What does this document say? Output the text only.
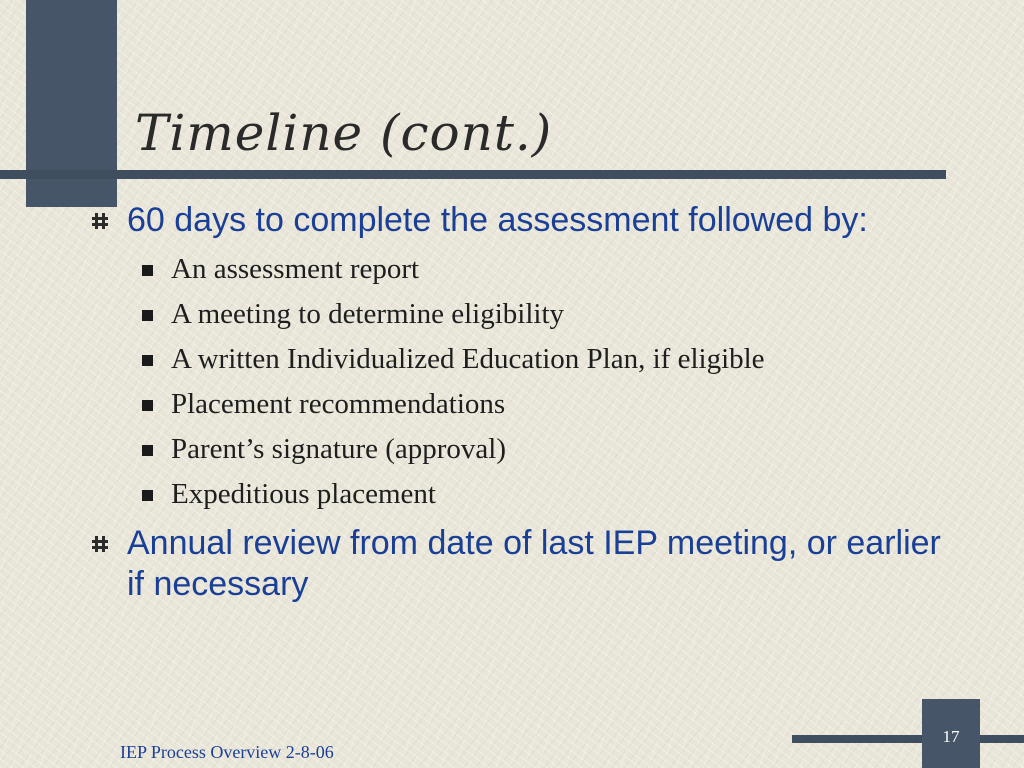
Timeline (cont.)
60 days to complete the assessment followed by:
An assessment report
A meeting to determine eligibility
A written Individualized Education Plan, if eligible
Placement recommendations
Parent’s signature (approval)
Expeditious placement
Annual review from date of last IEP meeting, or earlier if necessary
17
IEP Process Overview 2-8-06
